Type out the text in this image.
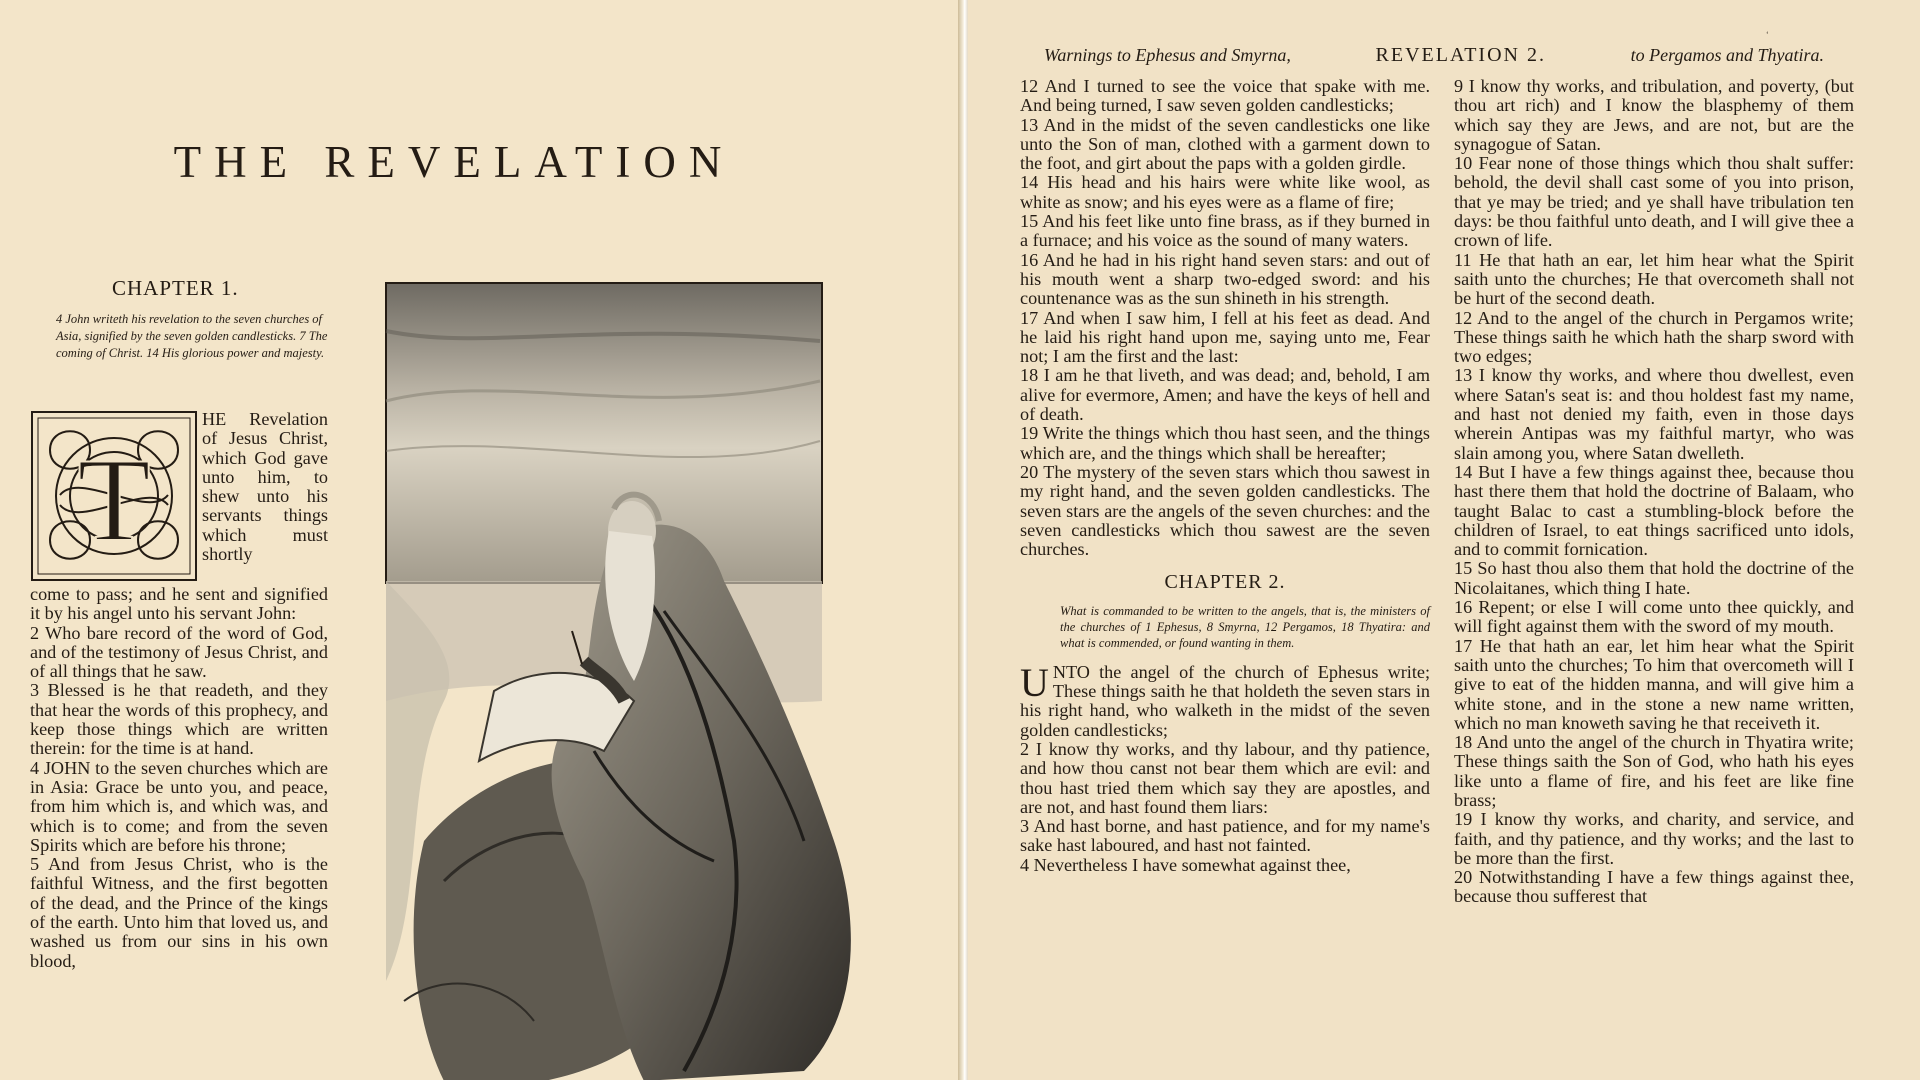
THE REVELATION
CHAPTER 1.
4 John writeth his revelation to the seven churches of Asia, signified by the seven golden candlesticks. 7 The coming of Christ. 14 His glorious power and majesty.
T
HE Revelation of Jesus Christ, which God gave unto him, to shew unto his servants things which must shortly

come to pass; and he sent and signified it by his angel unto his servant John:

2 Who bare record of the word of God, and of the testimony of Jesus Christ, and of all things that he saw.

3 Blessed is he that readeth, and they that hear the words of this prophecy, and keep those things which are written therein: for the time is at hand.

4 JOHN to the seven churches which are in Asia: Grace be unto you, and peace, from him which is, and which was, and which is to come; and from the seven Spirits which are before his throne;

5 And from Jesus Christ, who is the faithful Witness, and the first begotten of the dead, and the Prince of the kings of the earth. Unto him that loved us, and washed us from our sins in his own blood,

Warnings to Ephesus and Smyrna,	REVELATION 2.	to Pergamos and Thyatira.
‘

12 And I turned to see the voice that spake with me. And being turned, I saw seven golden candlesticks;

13 And in the midst of the seven candlesticks one like unto the Son of man, clothed with a garment down to the foot, and girt about the paps with a golden girdle.

14 His head and his hairs were white like wool, as white as snow; and his eyes were as a flame of fire;

15 And his feet like unto fine brass, as if they burned in a furnace; and his voice as the sound of many waters.

16 And he had in his right hand seven stars: and out of his mouth went a sharp two-edged sword: and his countenance was as the sun shineth in his strength.

17 And when I saw him, I fell at his feet as dead. And he laid his right hand upon me, saying unto me, Fear not; I am the first and the last:

18 I am he that liveth, and was dead; and, behold, I am alive for evermore, Amen; and have the keys of hell and of death.

19 Write the things which thou hast seen, and the things which are, and the things which shall be hereafter;

20 The mystery of the seven stars which thou sawest in my right hand, and the seven golden candlesticks. The seven stars are the angels of the seven churches: and the seven candlesticks which thou sawest are the seven churches.

CHAPTER 2.
What is commanded to be written to the angels, that is, the ministers of the churches of 1 Ephesus, 8 Smyrna, 12 Pergamos, 18 Thyatira: and what is commended, or found wanting in them.

UNTO the angel of the church of Ephesus write; These things saith he that holdeth the seven stars in his right hand, who walketh in the midst of the seven golden candlesticks;

2 I know thy works, and thy labour, and thy patience, and how thou canst not bear them which are evil: and thou hast tried them which say they are apostles, and are not, and hast found them liars:

3 And hast borne, and hast patience, and for my name's sake hast laboured, and hast not fainted.

4 Nevertheless I have somewhat against thee,

9 I know thy works, and tribulation, and poverty, (but thou art rich) and I know the blasphemy of them which say they are Jews, and are not, but are the synagogue of Satan.

10 Fear none of those things which thou shalt suffer: behold, the devil shall cast some of you into prison, that ye may be tried; and ye shall have tribulation ten days: be thou faithful unto death, and I will give thee a crown of life.

11 He that hath an ear, let him hear what the Spirit saith unto the churches; He that overcometh shall not be hurt of the second death.

12 And to the angel of the church in Pergamos write; These things saith he which hath the sharp sword with two edges;

13 I know thy works, and where thou dwellest, even where Satan's seat is: and thou holdest fast my name, and hast not denied my faith, even in those days wherein Antipas was my faithful martyr, who was slain among you, where Satan dwelleth.

14 But I have a few things against thee, because thou hast there them that hold the doctrine of Balaam, who taught Balac to cast a stumbling-block before the children of Israel, to eat things sacrificed unto idols, and to commit fornication.

15 So hast thou also them that hold the doctrine of the Nicolaitanes, which thing I hate.

16 Repent; or else I will come unto thee quickly, and will fight against them with the sword of my mouth.

17 He that hath an ear, let him hear what the Spirit saith unto the churches; To him that overcometh will I give to eat of the hidden manna, and will give him a white stone, and in the stone a new name written, which no man knoweth saving he that receiveth it.

18 And unto the angel of the church in Thyatira write; These things saith the Son of God, who hath his eyes like unto a flame of fire, and his feet are like fine brass;

19 I know thy works, and charity, and service, and faith, and thy patience, and thy works; and the last to be more than the first.

20 Notwithstanding I have a few things against thee, because thou sufferest that
